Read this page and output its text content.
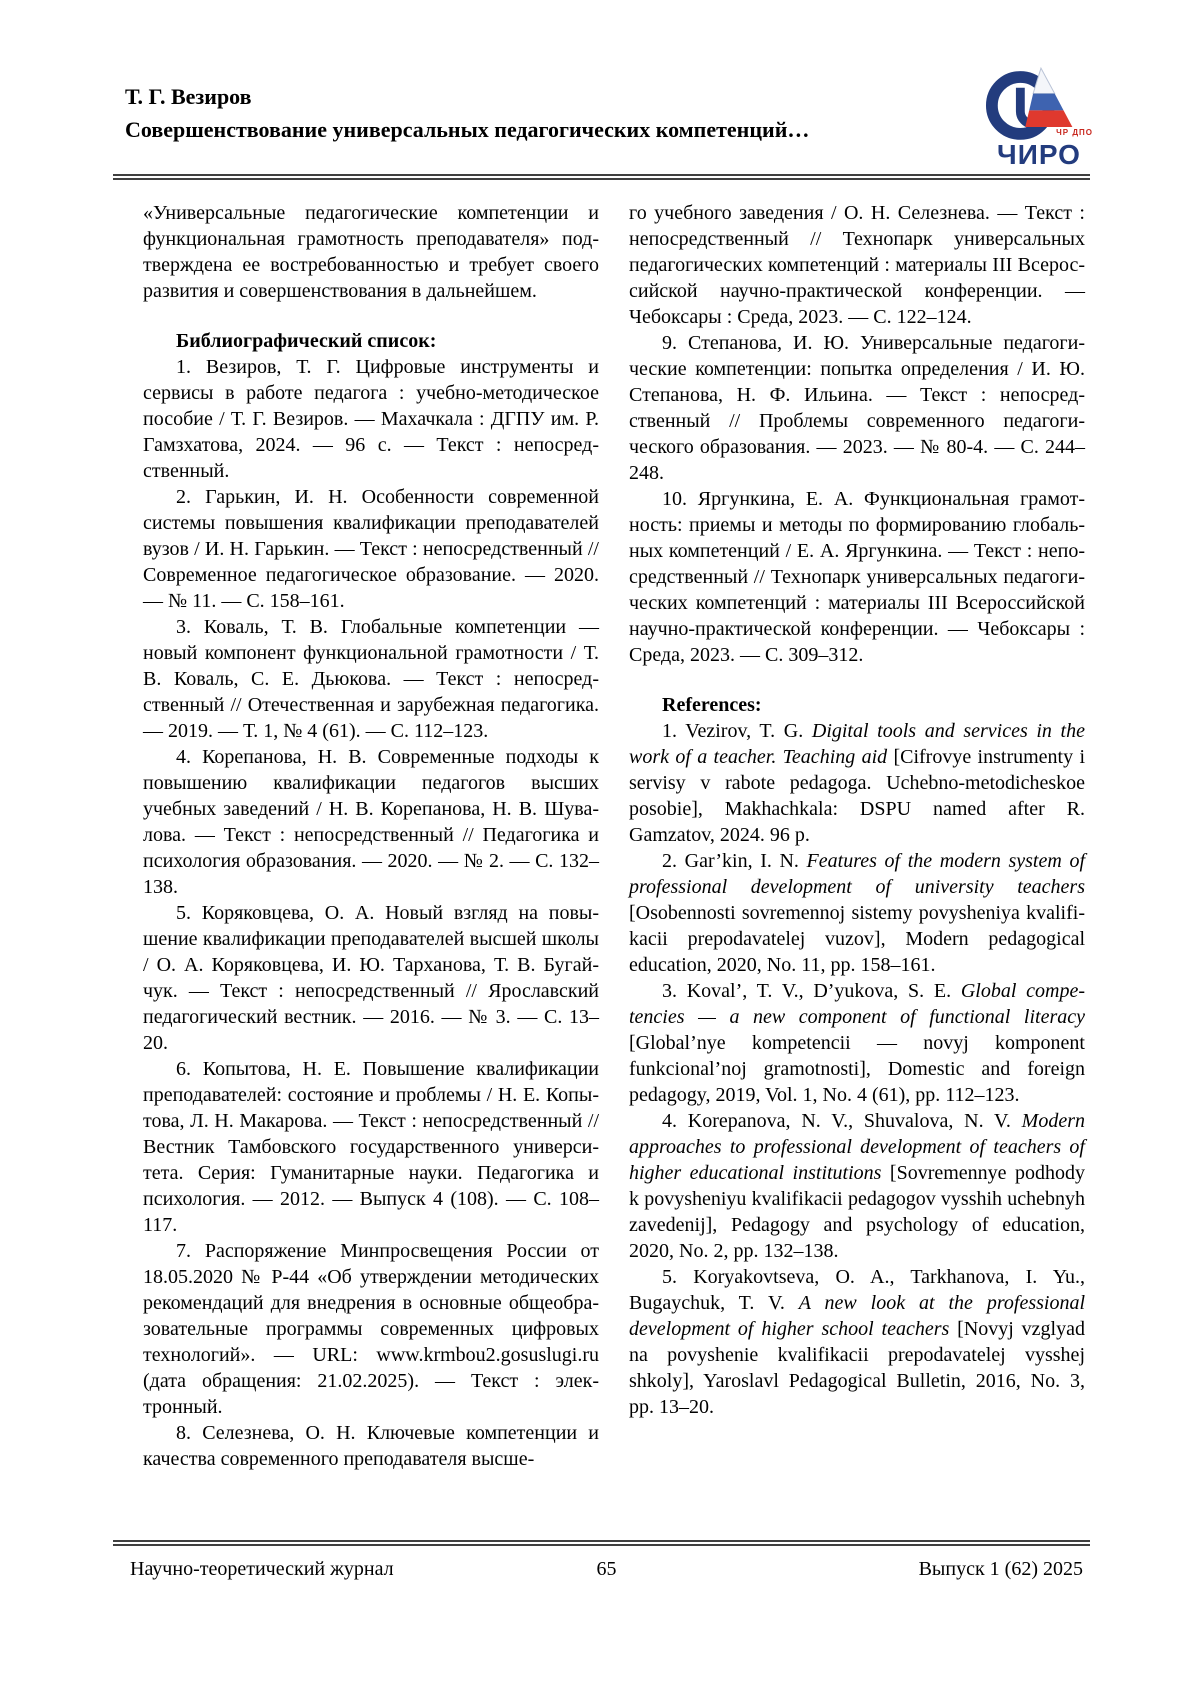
Т. Г. Везиров
Совершенствование универсальных педагогических компетенций…	ЧР ДПО
ЧИРО

«Универсальные педагогические компетенции и функциональная грамотность преподавателя» подтверждена ее востребованностью и требует своего развития и совершенствования в дальнейшем.

Библиографический список:

1. Везиров, Т. Г. Цифровые инструменты и сервисы в работе педагога : учебно-методическое пособие / Т. Г. Везиров. — Махачкала : ДГПУ им. Р. Гамзхатова, 2024. — 96 с. — Текст : непосредственный.

2. Гарькин, И. Н. Особенности современной системы повышения квалификации преподавателей вузов / И. Н. Гарькин. — Текст : непосредственный // Современное педагогическое образование. — 2020. — № 11. — С. 158–161.

3. Коваль, Т. В. Глобальные компетенции — новый компонент функциональной грамотности / Т. В. Коваль, С. Е. Дьюкова. — Текст : непосредственный // Отечественная и зарубежная педагогика. — 2019. — Т. 1, № 4 (61). — С. 112–123.

4. Корепанова, Н. В. Современные подходы к повышению квалификации педагогов высших учебных заведений / Н. В. Корепанова, Н. В. Шувалова. — Текст : непосредственный // Педагогика и психология образования. — 2020. — № 2. — С. 132–138.

5. Коряковцева, О. А. Новый взгляд на повышение квалификации преподавателей высшей школы / О. А. Коряковцева, И. Ю. Тарханова, Т. В. Бугайчук. — Текст : непосредственный // Ярославский педагогический вестник. — 2016. — № 3. — С. 13–20.

6. Копытова, Н. Е. Повышение квалификации преподавателей: состояние и проблемы / Н. Е. Копытова, Л. Н. Макарова. — Текст : непосредственный // Вестник Тамбовского государственного университета. Серия: Гуманитарные науки. Педагогика и психология. — 2012. — Выпуск 4 (108). — С. 108–117.

7. Распоряжение Минпросвещения России от 18.05.2020 № Р-44 «Об утверждении методических рекомендаций для внедрения в основные общеобразовательные программы современных цифровых технологий». — URL: www.krmbou2.gosuslugi.ru (дата обращения: 21.02.2025). — Текст : электронный.

8. Селезнева, О. Н. Ключевые компетенции и качества современного преподавателя высше-

го учебного заведения / О. Н. Селезнева. — Текст : непосредственный // Технопарк универсальных педагогических компетенций : материалы III Всероссийской научно-практической конференции. — Чебоксары : Среда, 2023. — С. 122–124.

9. Степанова, И. Ю. Универсальные педагогические компетенции: попытка определения / И. Ю. Степанова, Н. Ф. Ильина. — Текст : непосредственный // Проблемы современного педагогического образования. — 2023. — № 80-4. — С. 244–248.

10. Яргункина, Е. А. Функциональная грамотность: приемы и методы по формированию глобальных компетенций / Е. А. Яргункина. — Текст : непосредственный // Технопарк универсальных педагогических компетенций : материалы III Всероссийской научно-практической конференции. — Чебоксары : Среда, 2023. — С. 309–312.

References:

1. Vezirov, T. G. Digital tools and services in the work of a teacher. Teaching aid [Cifrovye instrumenty i servisy v rabote pedagoga. Uchebno-metodicheskoe posobie], Makhachkala: DSPU named after R. Gamzatov, 2024. 96 p.

2. Gar’kin, I. N. Features of the modern system of professional development of university teachers [Osobennosti sovremennoj sistemy povysheniya kvalifikacii prepodavatelej vuzov], Modern pedagogical education, 2020, No. 11, pp. 158–161.

3. Koval’, T. V., D’yukova, S. E. Global competencies — a new component of functional literacy [Global’nye kompetencii — novyj komponent funkcional’noj gramotnosti], Domestic and foreign pedagogy, 2019, Vol. 1, No. 4 (61), pp. 112–123.

4. Korepanova, N. V., Shuvalova, N. V. Modern approaches to professional development of teachers of higher educational institutions [Sovremennye podhody k povysheniyu kvalifikacii pedagogov vysshih uchebnyh zavedenij], Pedagogy and psychology of education, 2020, No. 2, pp. 132–138.

5. Koryakovtseva, O. A., Tarkhanova, I. Yu., Bugaychuk, T. V. A new look at the professional development of higher school teachers [Novyj vzglyad na povyshenie kvalifikacii prepodavatelej vysshej shkoly], Yaroslavl Pedagogical Bulletin, 2016, No. 3, pp. 13–20.

Научно-теоретический журнал	65	Выпуск 1 (62) 2025
